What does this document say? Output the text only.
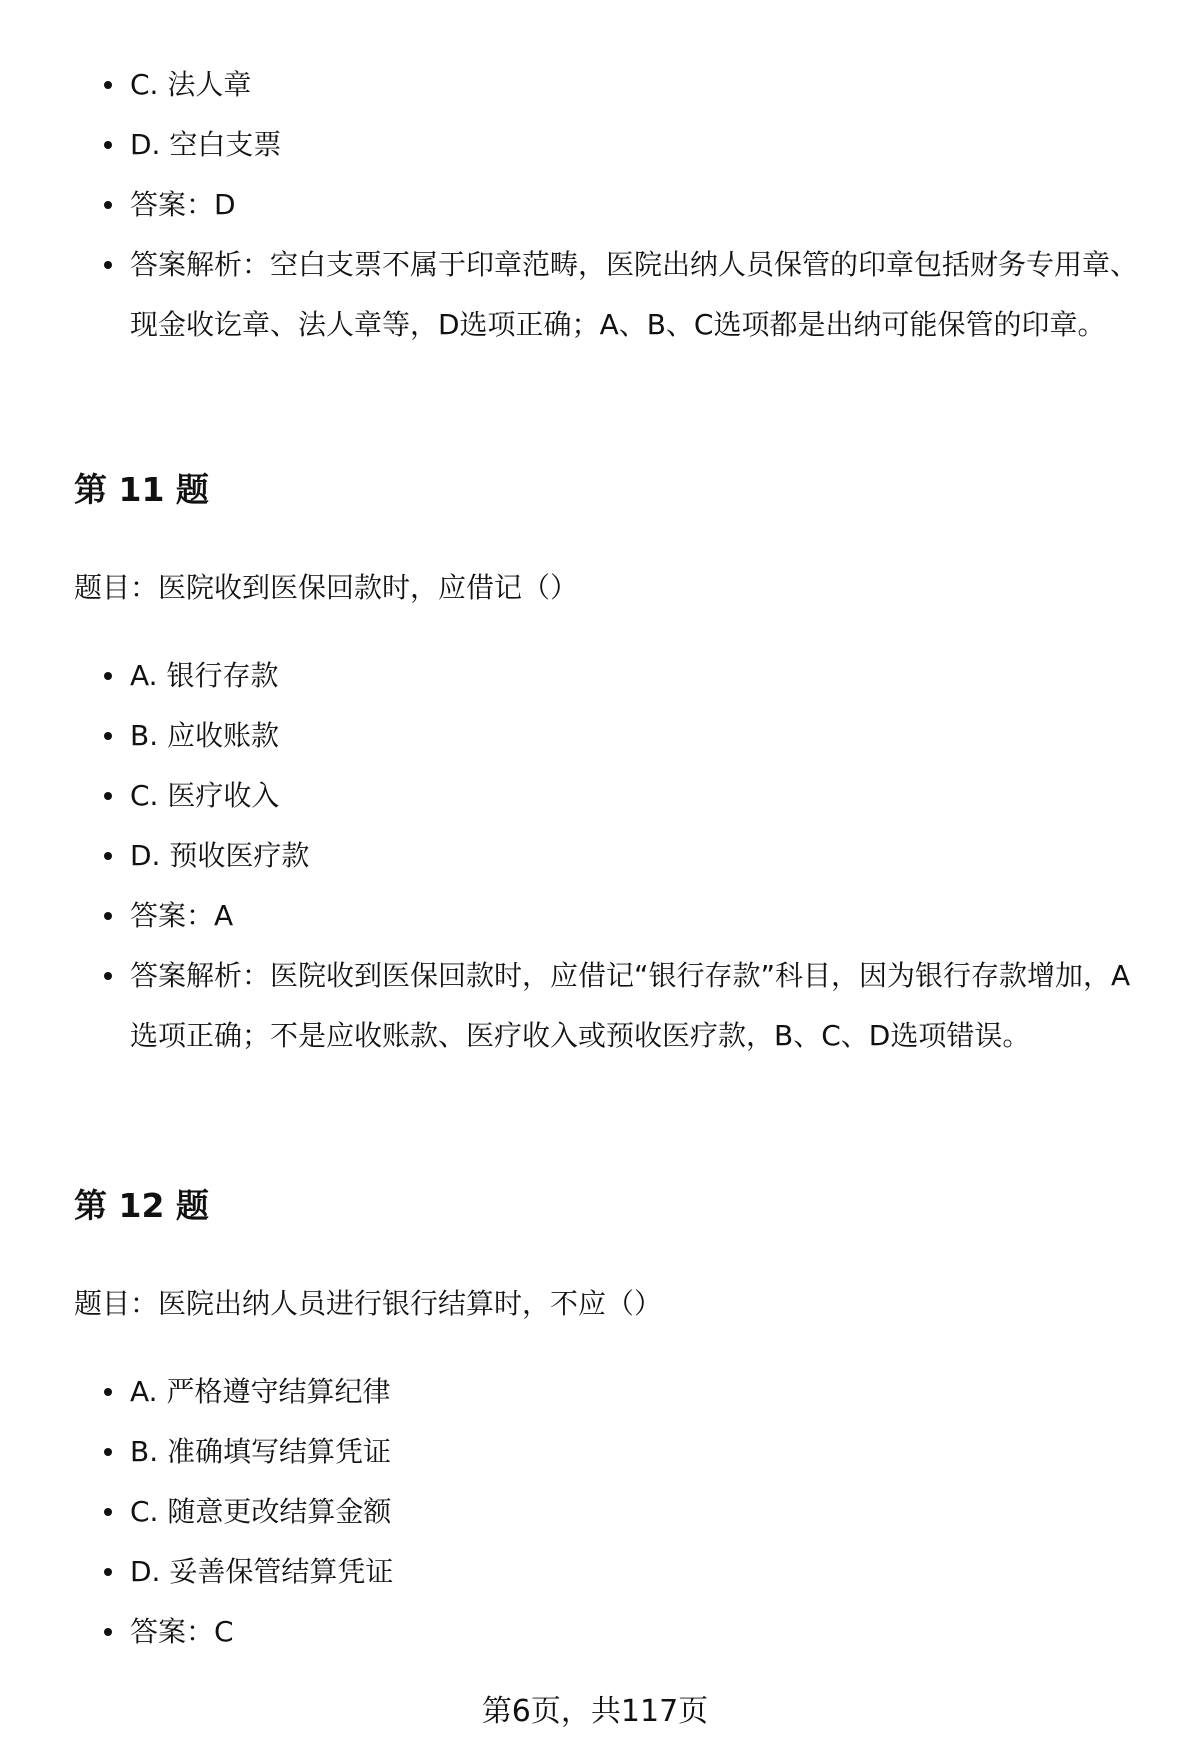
C. 法人章
D. 空白支票
答案：D
答案解析：空白支票不属于印章范畴，医院出纳人员保管的印章包括财务专用章、现金收讫章、法人章等，D选项正确；A、B、C选项都是出纳可能保管的印章。
第 11 题

题目：医院收到医保回款时，应借记（）

A. 银行存款
B. 应收账款
C. 医疗收入
D. 预收医疗款
答案：A
答案解析：医院收到医保回款时，应借记“银行存款”科目，因为银行存款增加，A选项正确；不是应收账款、医疗收入或预收医疗款，B、C、D选项错误。
第 12 题

题目：医院出纳人员进行银行结算时，不应（）

A. 严格遵守结算纪律
B. 准确填写结算凭证
C. 随意更改结算金额
D. 妥善保管结算凭证
答案：C
第6页，共117页
